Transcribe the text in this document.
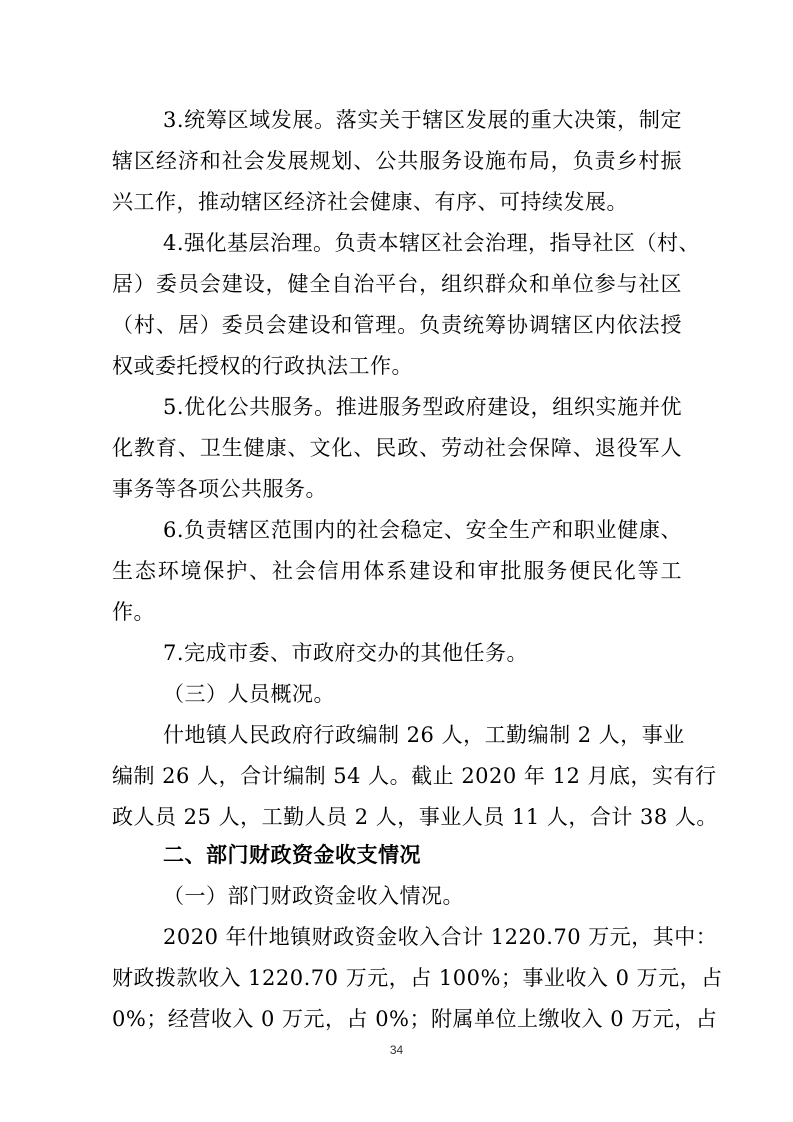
3.统筹区域发展。落实关于辖区发展的重大决策，制定
辖区经济和社会发展规划、公共服务设施布局，负责乡村振
兴工作，推动辖区经济社会健康、有序、可持续发展。
4.强化基层治理。负责本辖区社会治理，指导社区（村、
居）委员会建设，健全自治平台，组织群众和单位参与社区
（村、居）委员会建设和管理。负责统筹协调辖区内依法授
权或委托授权的行政执法工作。
5.优化公共服务。推进服务型政府建设，组织实施并优
化教育、卫生健康、文化、民政、劳动社会保障、退役军人
事务等各项公共服务。
6.负责辖区范围内的社会稳定、安全生产和职业健康、
生态环境保护、社会信用体系建设和审批服务便民化等工
作。
7.完成市委、市政府交办的其他任务。
（三）人员概况。
什地镇人民政府行政编制 26 人，工勤编制 2 人，事业
编制 26 人，合计编制 54 人。截止 2020 年 12 月底，实有行
政人员 25 人，工勤人员 2 人，事业人员 11 人，合计 38 人。
二、部门财政资金收支情况
（一）部门财政资金收入情况。
2020 年什地镇财政资金收入合计 1220.70 万元，其中：
财政拨款收入 1220.70 万元，占 100%；事业收入 0 万元，占
0%；经营收入 0 万元，占 0%；附属单位上缴收入 0 万元，占
34
